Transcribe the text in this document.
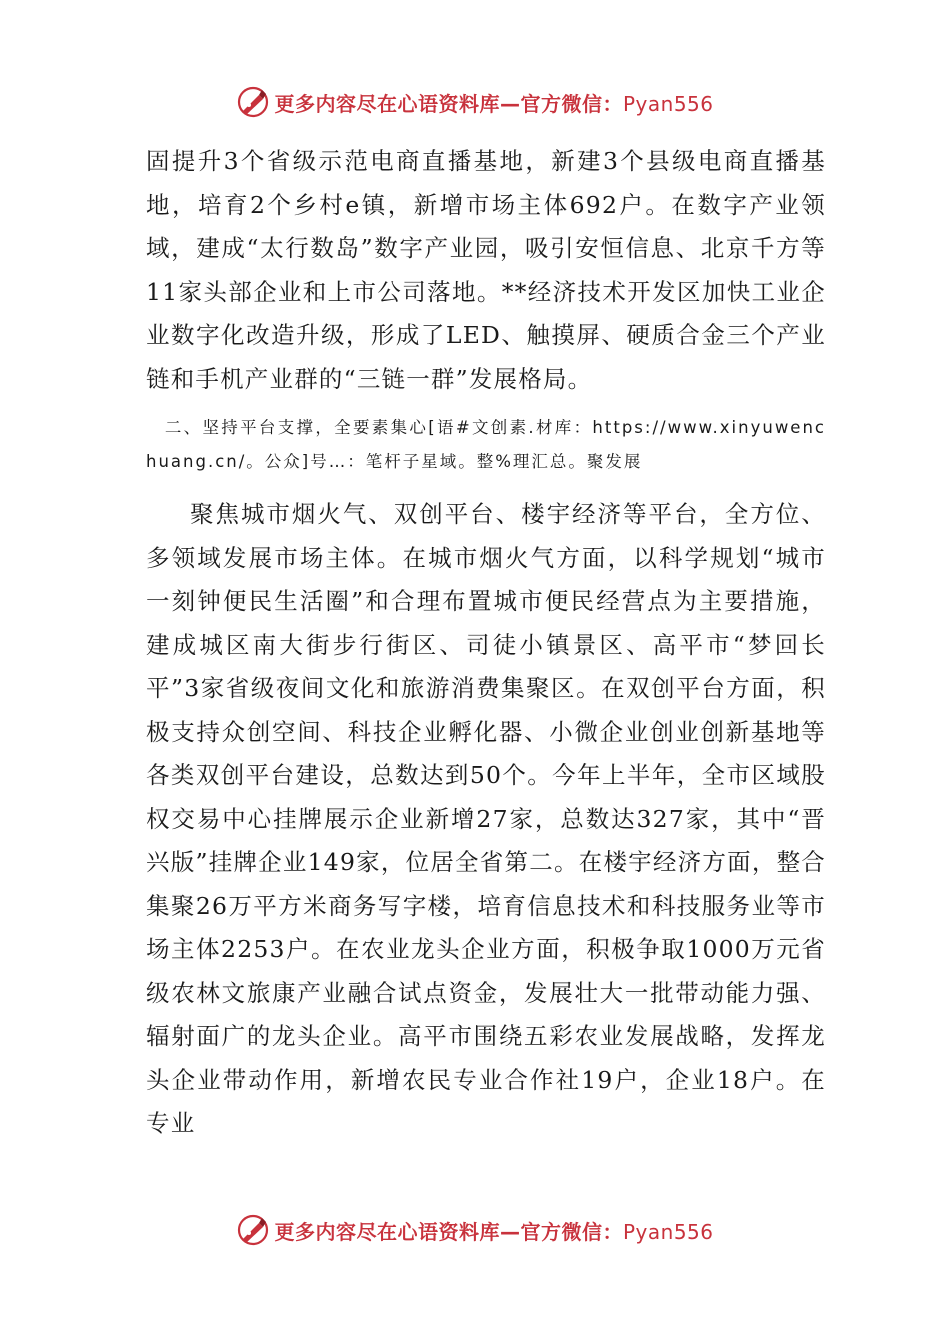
更多内容尽在心语资料库—官方微信：Pyan556

固提升3个省级示范电商直播基地，新建3个县级电商直播基地，培育2个乡村e镇，新增市场主体692户。在数字产业领域，建成“太行数岛”数字产业园，吸引安恒信息、北京千方等11家头部企业和上市公司落地。**经济技术开发区加快工业企业数字化改造升级，形成了LED、触摸屏、硬质合金三个产业链和手机产业群的“三链一群”发展格局。

　二、坚持平台支撑，全要素集心[语#文创素.材库：https://www.xinyuwenchuang.cn/。公众]号…：笔杆子星域。整%理汇总。聚发展

聚焦城市烟火气、双创平台、楼宇经济等平台，全方位、多领域发展市场主体。在城市烟火气方面，以科学规划“城市一刻钟便民生活圈”和合理布置城市便民经营点为主要措施，建成城区南大街步行街区、司徒小镇景区、高平市“梦回长平”3家省级夜间文化和旅游消费集聚区。在双创平台方面，积极支持众创空间、科技企业孵化器、小微企业创业创新基地等各类双创平台建设，总数达到50个。今年上半年，全市区域股权交易中心挂牌展示企业新增27家，总数达327家，其中“晋兴版”挂牌企业149家，位居全省第二。在楼宇经济方面，整合集聚26万平方米商务写字楼，培育信息技术和科技服务业等市场主体2253户。在农业龙头企业方面，积极争取1000万元省级农林文旅康产业融合试点资金，发展壮大一批带动能力强、辐射面广的龙头企业。高平市围绕五彩农业发展战略，发挥龙头企业带动作用，新增农民专业合作社19户，企业18户。在专业

更多内容尽在心语资料库—官方微信：Pyan556
